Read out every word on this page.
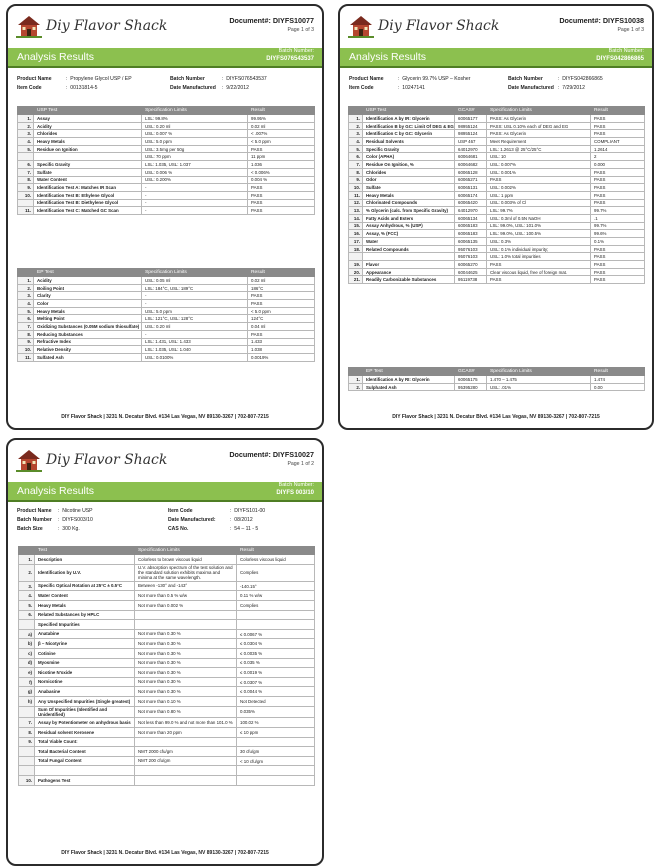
Diy Flavor Shack	Document#: DIYFS10077
Page 1 of 3
Analysis Results	Batch Number:
DIYFS076543537
Product Name	:  Propylene Glycol USP / EP
Item Code	:  00131814-5
Batch Number	:  DIYFS076543537
Date Manufactured :  9/22/2012
	USP Test	Specification Limits	Result
1.	Assay	LSL: 99.8%	99.95%
2.	Acidity	USL: 0.20 ml	0.02 ml
3.	Chlorides	USL: 0.007 %	< .007%
4.	Heavy Metals	USL: 5.0 ppm	< 5.0 ppm
5.	Residue on Ignition	USL: 3.5mg per 50g	PASS
		USL: 70 ppm	11 ppm
6.	Specific Gravity	LSL: 1.035, USL: 1.037	1.036
7.	Sulfate	USL: 0.006 %	< 0.006%
8.	Water Content	USL: 0.200%	0.004 %
9.	Identification Test A: Matches IR Scan	-	PASS
10.	Identification Test B: Ethylene Glycol	-	PASS
	Identification Test B: Diethylene Glycol	-	PASS
11.	Identification Test C: Matched GC Scan	-	PASS
	EP Test	Specification Limits	Result
1.	Acidity	USL: 0.05 ml	0.02 ml
2.	Boiling Point	LSL: 184°C, USL: 189°C	186°C
3.	Clarity	-	PASS
4.	Color	-	PASS
5.	Heavy Metals	USL: 5.0 ppm	< 5.0 ppm
6.	Melting Point	LSL: 121°C, USL: 128°C	124°C
7.	Oxidizing Substances (0.05M sodium thiosulfate)	USL: 0.20 ml	0.04 ml
8.	Reducing Substances	-	PASS
9.	Refractive Index	LSL: 1.431, USL: 1.433	1.433
10.	Relative Density	LSL: 1.035, USL: 1.040	1.038
11.	Sulfated Ash	USL: 0.0100%	0.0019%
DIY Flavor Shack | 3231 N. Decatur Blvd. #134 Las Vegas, NV 89130-3267 | 702-807-7215
Diy Flavor Shack	Document#: DIYFS10038
Page 1 of 3
Analysis Results	Batch Number:
DIYFS042866865
Product Name	:  Glycerin 99.7% USP – Kosher
Item Code	:  10247141
Batch Number	:  DIYFS042866865
Date Manufactured :  7/29/2012
	USP Test	GCAS#	Specification Limits	Result
1.	Identification A by IR: Glycerin	60065177	PASS: As Glycerin	PASS
2.	Identification B by GC: Limit Of DEG & EG	98955124	PASS: USL 0.10% each of DEG and EG	PASS
3.	Identification C by GC: Glycerin	98955124	PASS: As Glycerin	PASS
4.	Residual Solvents	USP 467	Meet Requirement	COMPLIANT
5.	Specific Gravity	64012970	LSL: 1.2613 @ 25°C/25°C	1.2614
6.	Color (APHA)	60064681	USL: 10	2
7.	Residue On Ignition, %	60064682	USL: 0.007%	0.000
8.	Chlorides	60065128	USL: 0.001%	PASS
9.	Odor	60065271	PASS	PASS
10.	Sulfate	60065131	USL: 0.002%	PASS
11.	Heavy Metals	60065174	USL: 1 ppm	PASS
12.	Chlorinated Compounds	60065420	USL: 0.003% of Cl	PASS
13.	% Glycerin (calc. from Specific Gravity)	64012970	LSL: 99.7%	99.7%
14.	Fatty Acids and Esters	60065134	USL: 0.3ml of 0.5N NaOH	.1
15.	Assay Anhydrous, % (USP)	60065183	LSL: 99.0%, USL: 101.0%	99.7%
16.	Assay, % (FCC)	60065183	LSL: 99.0%, USL: 100.5%	99.6%
17.	Water	60065135	USL: 0.3%	0.1%
18.	Related Compounds	95076103	USL: 0.1% individual impurity;	PASS
		95076103	USL: 1.0% total impurities	PASS
19.	Flavor	60065270	PASS	PASS
20.	Appearance	60044625	Clear viscous liquid, free of foreign mat.	PASS
21.	Readily Carbonizable Substances	95119738	PASS	PASS
	EP Test	GCAS#	Specification Limits	Result
1.	Identification A by RI: Glycerin	60065175	1.470 – 1.475	1.474
2.	Sulphated Ash	95395280	USL: .01%	0.00
DIY Flavor Shack | 3231 N. Decatur Blvd. #134 Las Vegas, NV 89130-3267 | 702-807-7215
Diy Flavor Shack	Document#: DIYFS10027
Page 1 of 2
Analysis Results	Batch Number:
DIYFS 003/10
Product Name :  Nicotine USP
Batch Number :  DIYFS003/10
Batch Size	:  300 Kg.
Item Code	:  DIYFS101-00
Date Manufactured:	:  08/2012
CAS No.	:  54 – 11 - 5
	Test	Specification Limits	Result
1.	Description	Colorless to brown viscous liquid	Colorless viscous liquid
2.	Identification by U.V.	U.V. absorption spectrum of the test solution and the standard solution exhibits maxima and minima at the same wavelength.	Complies
3.	Specific Optical Rotation at 25°C ± 0.5°C	Between -130° and -143°	-140.15°
4.	Water Content	Not more than 0.5 % w/w	0.11 % w/w
5.	Heavy Metals	Not more than 0.002 %	Complies
6.	Related Substances by HPLC		
	Specified Impurities		
a)	Anatabine	Not more than 0.30 %	≤ 0.0067 %
b)	β – Nicotyrine	Not more than 0.30 %	≤ 0.0304 %
c)	Cotinine	Not more than 0.30 %	≤ 0.0035 %
d)	Myosmine	Not more than 0.30 %	≤ 0.035 %
e)	Nicotine N'oxide	Not more than 0.30 %	≤ 0.0019 %
f)	Nornicotine	Not more than 0.30 %	≤ 0.0307 %
g)	Anabasine	Not more than 0.30 %	≤ 0.0044 %
h)	Any Unspecified Impurities (Single greatest)	Not more than 0.10 %	Not Detected
	Sum Of Impurities (Identified and Unidentified)	Not more than 0.80 %	0.035%
7.	Assay by Potentiometer on anhydrous basis	Not less than 99.0 % and not more than 101.0 %	100.02 %
8.	Residual solvent Kerosene	Not more than 20 ppm	≤ 10 ppm
9.	Total Viable Count:		
	Total Bacterial Content	NMT 2000 cfu/gm	30 cfu/gm
	Total Fungal Content	NMT 200 cfu/gm	< 10 cfu/gm

10.	Pathogens Test		
DIY Flavor Shack | 3231 N. Decatur Blvd. #134 Las Vegas, NV 89130-3267 | 702-807-7215
